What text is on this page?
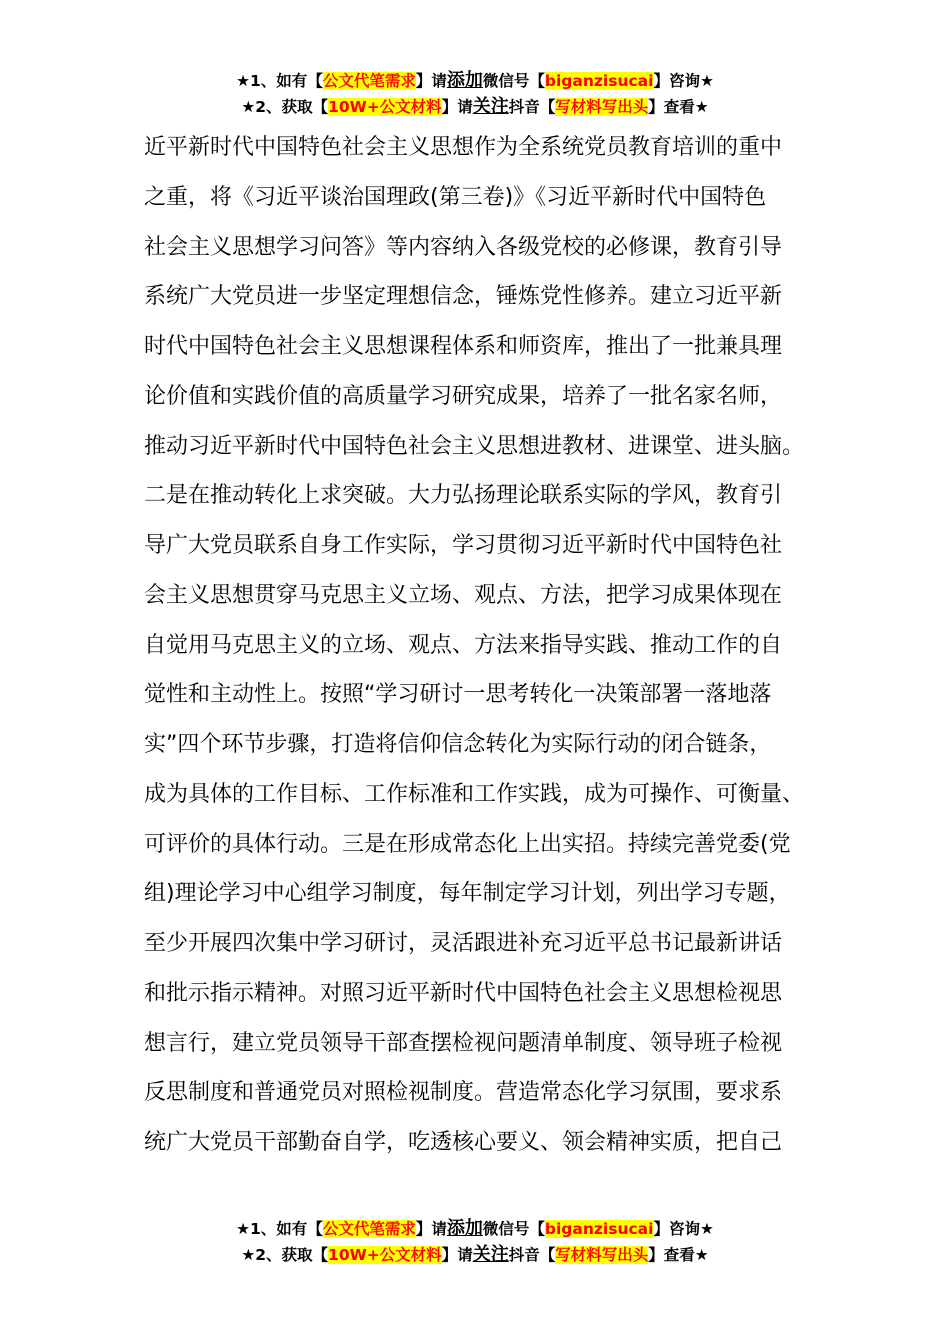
★1、如有【公文代笔需求】请添加微信号【biganzisucai】咨询★
★2、获取【10W+公文材料】请关注抖音【写材料写出头】查看★
近平新时代中国特色社会主义思想作为全系统党员教育培训的重中
之重，将《习近平谈治国理政(第三卷)》《习近平新时代中国特色
社会主义思想学习问答》等内容纳入各级党校的必修课，教育引导
系统广大党员进一步坚定理想信念，锤炼党性修养。建立习近平新
时代中国特色社会主义思想课程体系和师资库，推出了一批兼具理
论价值和实践价值的高质量学习研究成果，培养了一批名家名师，
推动习近平新时代中国特色社会主义思想进教材、进课堂、进头脑。
二是在推动转化上求突破。大力弘扬理论联系实际的学风，教育引
导广大党员联系自身工作实际，学习贯彻习近平新时代中国特色社
会主义思想贯穿马克思主义立场、观点、方法，把学习成果体现在
自觉用马克思主义的立场、观点、方法来指导实践、推动工作的自
觉性和主动性上。按照“学习研讨一思考转化一决策部署一落地落
实”四个环节步骤，打造将信仰信念转化为实际行动的闭合链条，
成为具体的工作目标、工作标准和工作实践，成为可操作、可衡量、
可评价的具体行动。三是在形成常态化上出实招。持续完善党委(党
组)理论学习中心组学习制度，每年制定学习计划，列出学习专题，
至少开展四次集中学习研讨，灵活跟进补充习近平总书记最新讲话
和批示指示精神。对照习近平新时代中国特色社会主义思想检视思
想言行，建立党员领导干部查摆检视问题清单制度、领导班子检视
反思制度和普通党员对照检视制度。营造常态化学习氛围，要求系
统广大党员干部勤奋自学，吃透核心要义、领会精神实质，把自己
★1、如有【公文代笔需求】请添加微信号【biganzisucai】咨询★
★2、获取【10W+公文材料】请关注抖音【写材料写出头】查看★
